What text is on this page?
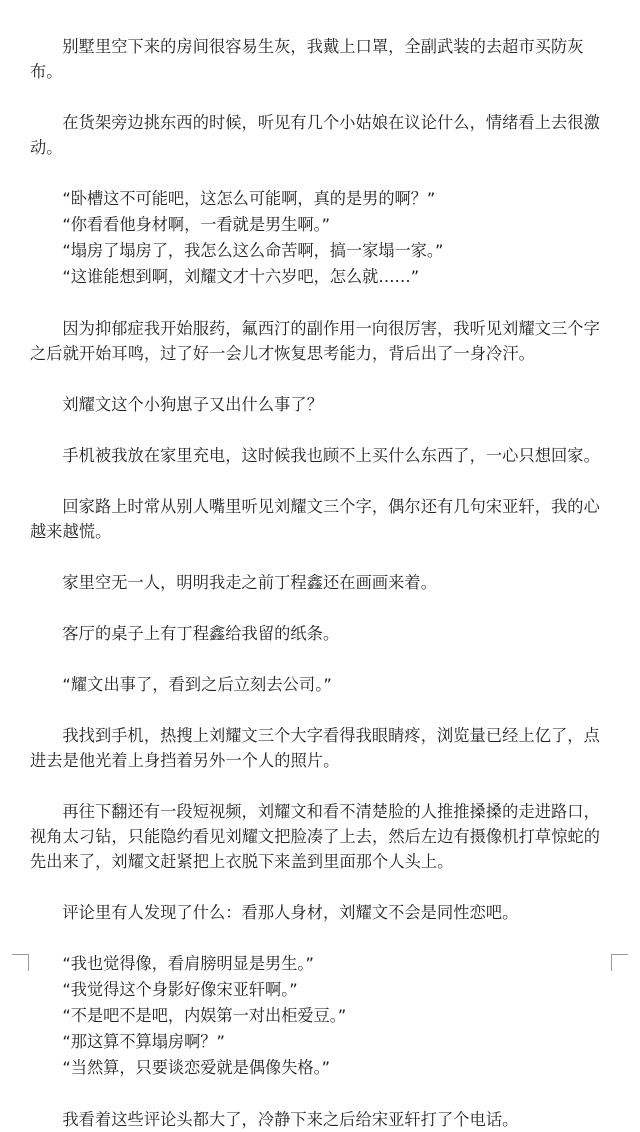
别墅里空下来的房间很容易生灰，我戴上口罩，全副武装的去超市买防灰布。

在货架旁边挑东西的时候，听见有几个小姑娘在议论什么，情绪看上去很激动。

“卧槽这不可能吧，这怎么可能啊，真的是男的啊？”
“你看看他身材啊，一看就是男生啊。”
“塌房了塌房了，我怎么这么命苦啊，搞一家塌一家。”
“这谁能想到啊，刘耀文才十六岁吧，怎么就……”

因为抑郁症我开始服药，氟西汀的副作用一向很厉害，我听见刘耀文三个字之后就开始耳鸣，过了好一会儿才恢复思考能力，背后出了一身冷汗。

刘耀文这个小狗崽子又出什么事了？

手机被我放在家里充电，这时候我也顾不上买什么东西了，一心只想回家。

回家路上时常从别人嘴里听见刘耀文三个字，偶尔还有几句宋亚轩，我的心越来越慌。

家里空无一人，明明我走之前丁程鑫还在画画来着。

客厅的桌子上有丁程鑫给我留的纸条。

“耀文出事了，看到之后立刻去公司。”

我找到手机，热搜上刘耀文三个大字看得我眼睛疼，浏览量已经上亿了，点进去是他光着上身挡着另外一个人的照片。

再往下翻还有一段短视频，刘耀文和看不清楚脸的人推推搡搡的走进路口，视角太刁钻，只能隐约看见刘耀文把脸凑了上去，然后左边有摄像机打草惊蛇的先出来了，刘耀文赶紧把上衣脱下来盖到里面那个人头上。

评论里有人发现了什么：看那人身材，刘耀文不会是同性恋吧。

“我也觉得像，看肩膀明显是男生。”
“我觉得这个身影好像宋亚轩啊。”
“不是吧不是吧，内娱第一对出柜爱豆。”
“那这算不算塌房啊？”
“当然算，只要谈恋爱就是偶像失格。”

我看着这些评论头都大了，冷静下来之后给宋亚轩打了个电话。
